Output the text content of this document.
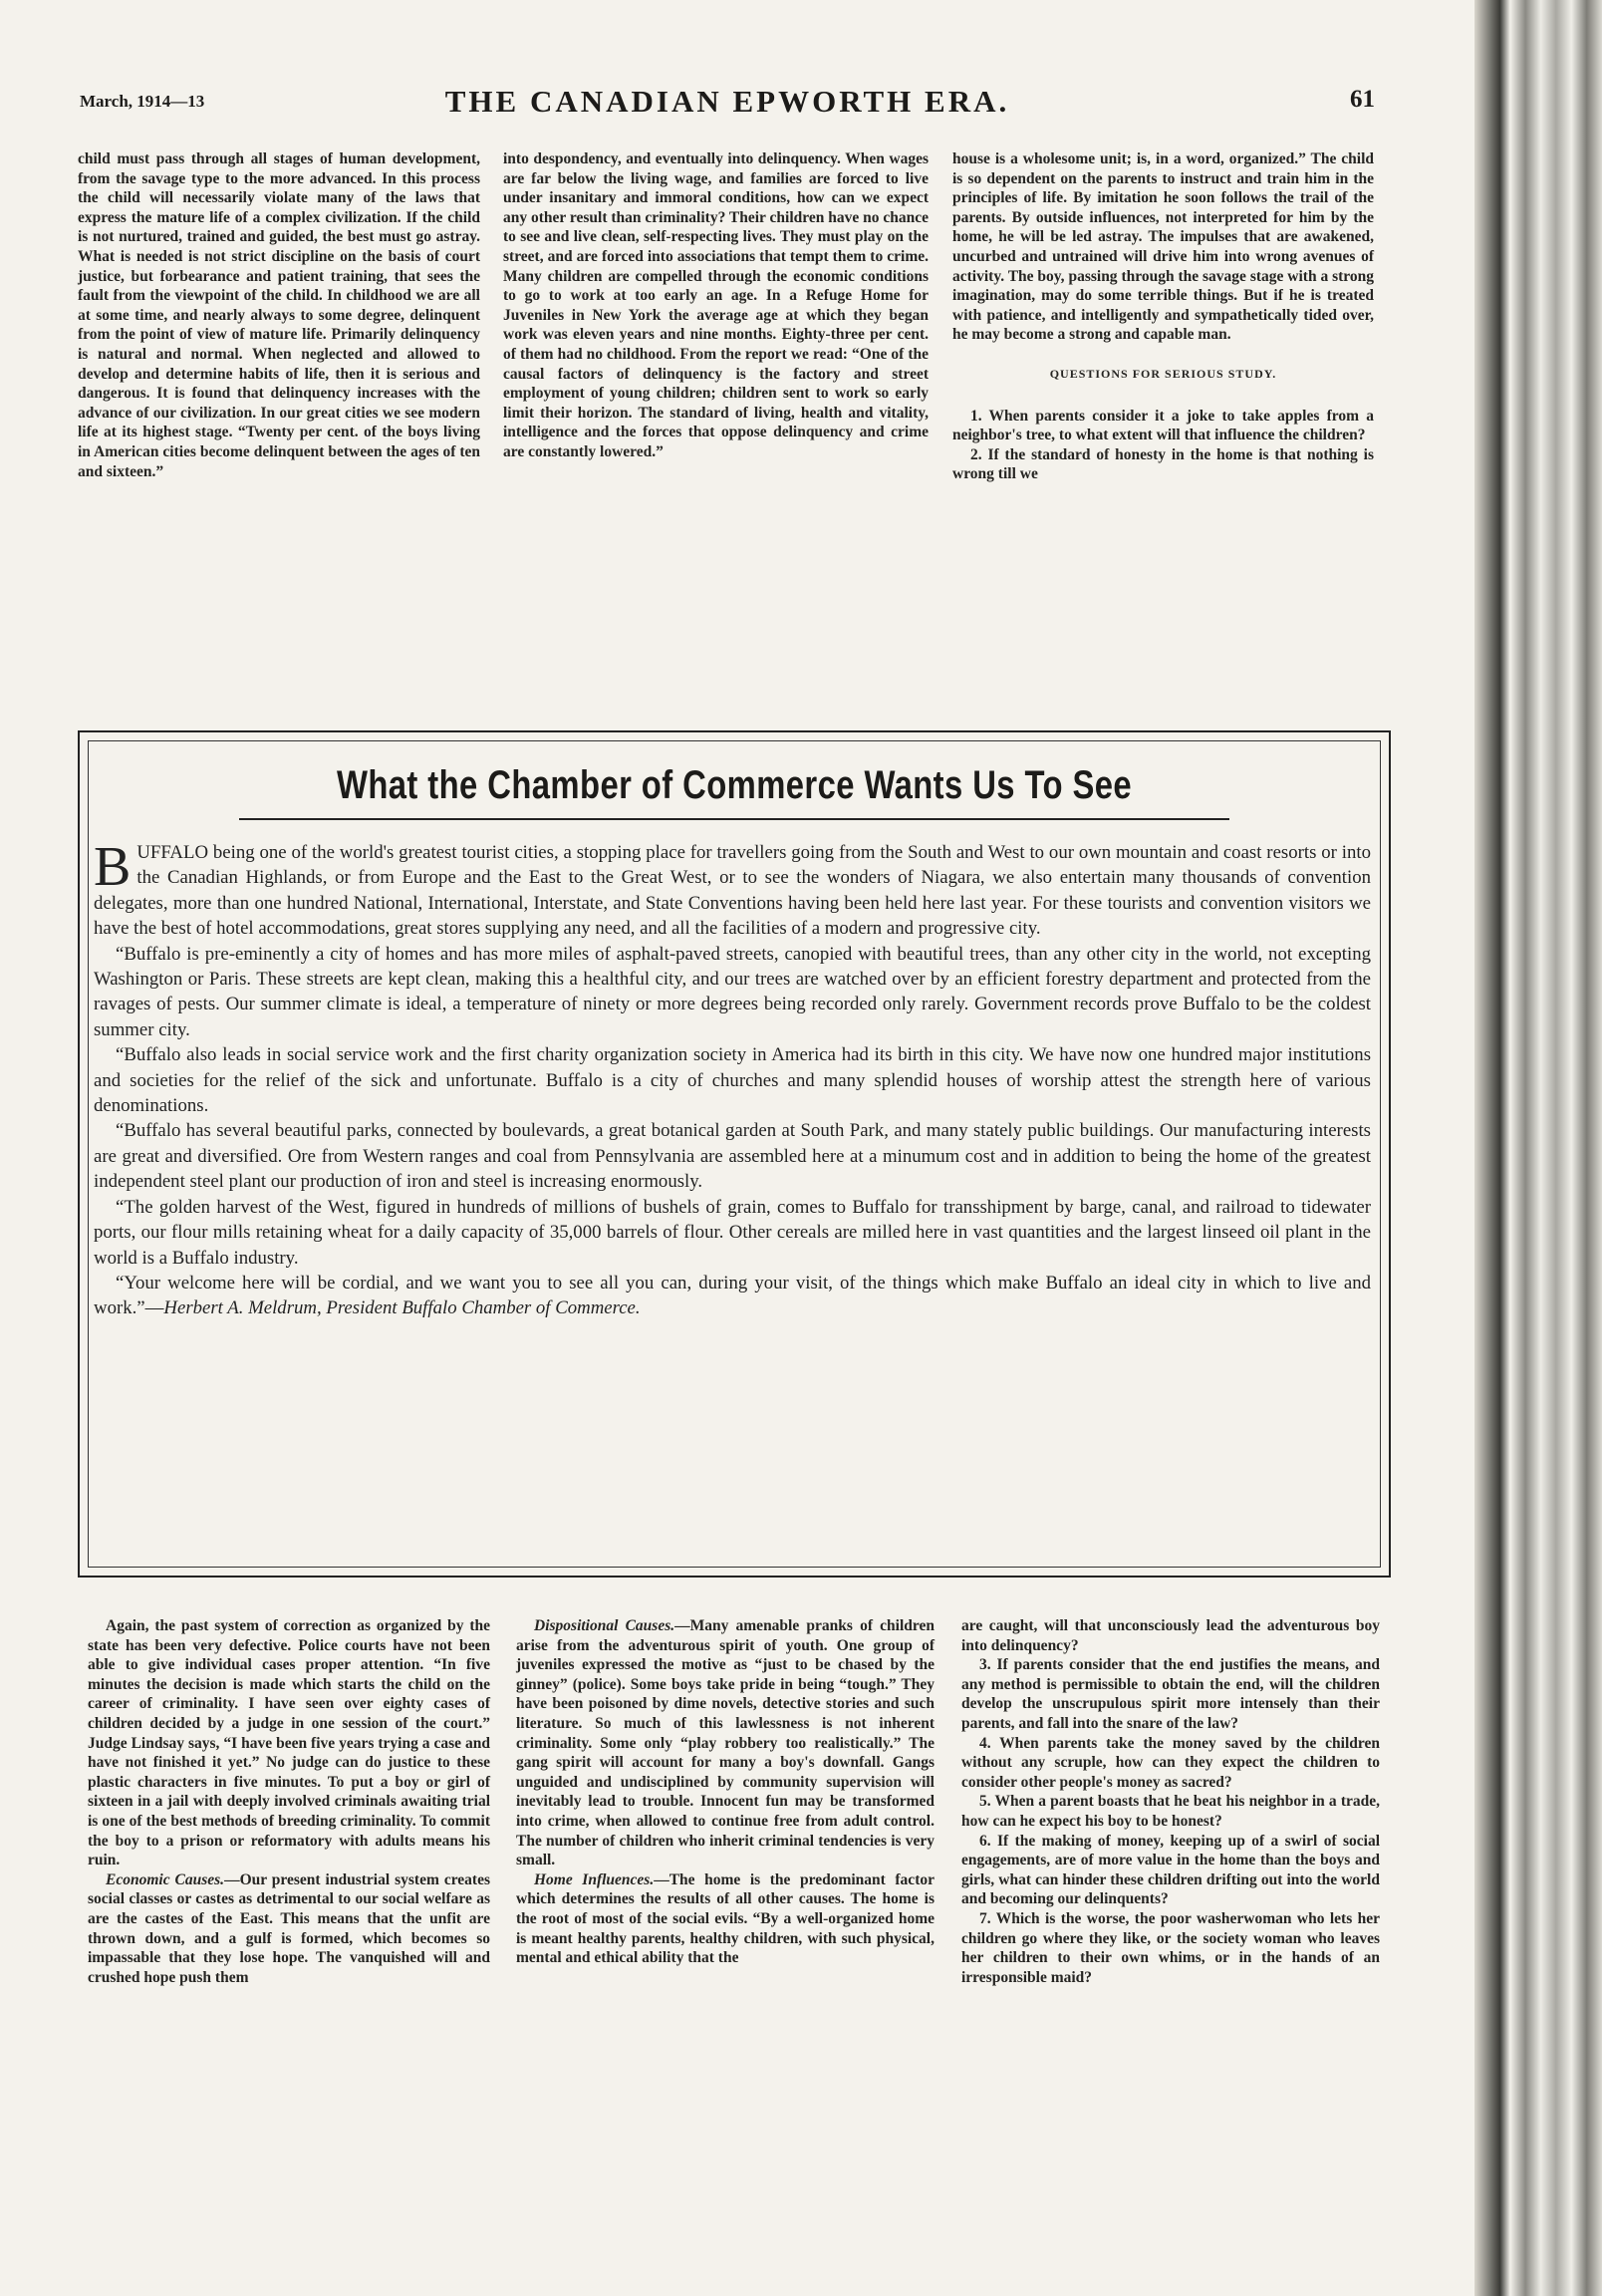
March, 1914—13	THE CANADIAN EPWORTH ERA.	61

child must pass through all stages of human development, from the savage type to the more advanced. In this process the child will necessarily violate many of the laws that express the mature life of a complex civilization. If the child is not nurtured, trained and guided, the best must go astray. What is needed is not strict discipline on the basis of court justice, but forbearance and patient training, that sees the fault from the viewpoint of the child. In childhood we are all at some time, and nearly always to some degree, delinquent from the point of view of mature life. Primarily delinquency is natural and normal. When neglected and allowed to develop and determine habits of life, then it is serious and dangerous. It is found that delinquency increases with the advance of our civilization. In our great cities we see modern life at its highest stage. “Twenty per cent. of the boys living in American cities become delinquent between the ages of ten and sixteen.”

into despondency, and eventually into delinquency. When wages are far below the living wage, and families are forced to live under insanitary and immoral conditions, how can we expect any other result than criminality? Their children have no chance to see and live clean, self-respecting lives. They must play on the street, and are forced into associations that tempt them to crime. Many children are compelled through the economic conditions to go to work at too early an age. In a Refuge Home for Juveniles in New York the average age at which they began work was eleven years and nine months. Eighty-three per cent. of them had no childhood. From the report we read: “One of the causal factors of delinquency is the factory and street employment of young children; children sent to work so early limit their horizon. The standard of living, health and vitality, intelligence and the forces that oppose delinquency and crime are constantly lowered.”

house is a wholesome unit; is, in a word, organized.” The child is so dependent on the parents to instruct and train him in the principles of life. By imitation he soon follows the trail of the parents. By outside influences, not interpreted for him by the home, he will be led astray. The impulses that are awakened, uncurbed and untrained will drive him into wrong avenues of activity. The boy, passing through the savage stage with a strong imagination, may do some terrible things. But if he is treated with patience, and intelligently and sympathetically tided over, he may become a strong and capable man.

QUESTIONS FOR SERIOUS STUDY.

1. When parents consider it a joke to take apples from a neighbor's tree, to what extent will that influence the children?

2. If the standard of honesty in the home is that nothing is wrong till we

What the Chamber of Commerce Wants Us To See

BUFFALO being one of the world's greatest tourist cities, a stopping place for travellers going from the South and West to our own mountain and coast resorts or into the Canadian Highlands, or from Europe and the East to the Great West, or to see the wonders of Niagara, we also entertain many thousands of convention delegates, more than one hundred National, International, Interstate, and State Conventions having been held here last year. For these tourists and convention visitors we have the best of hotel accommodations, great stores supplying any need, and all the facilities of a modern and progressive city.

“Buffalo is pre-eminently a city of homes and has more miles of asphalt-paved streets, canopied with beautiful trees, than any other city in the world, not excepting Washington or Paris. These streets are kept clean, making this a healthful city, and our trees are watched over by an efficient forestry department and protected from the ravages of pests. Our summer climate is ideal, a temperature of ninety or more degrees being recorded only rarely. Government records prove Buffalo to be the coldest summer city.

“Buffalo also leads in social service work and the first charity organization society in America had its birth in this city. We have now one hundred major institutions and societies for the relief of the sick and unfortunate. Buffalo is a city of churches and many splendid houses of worship attest the strength here of various denominations.

“Buffalo has several beautiful parks, connected by boulevards, a great botanical garden at South Park, and many stately public buildings. Our manufacturing interests are great and diversified. Ore from Western ranges and coal from Pennsylvania are assembled here at a minumum cost and in addition to being the home of the greatest independent steel plant our production of iron and steel is increasing enormously.

“The golden harvest of the West, figured in hundreds of millions of bushels of grain, comes to Buffalo for transshipment by barge, canal, and railroad to tidewater ports, our flour mills retaining wheat for a daily capacity of 35,000 barrels of flour. Other cereals are milled here in vast quantities and the largest linseed oil plant in the world is a Buffalo industry.

“Your welcome here will be cordial, and we want you to see all you can, during your visit, of the things which make Buffalo an ideal city in which to live and work.”—Herbert A. Meldrum, President Buffalo Chamber of Commerce.

Again, the past system of correction as organized by the state has been very defective. Police courts have not been able to give individual cases proper attention. “In five minutes the decision is made which starts the child on the career of criminality. I have seen over eighty cases of children decided by a judge in one session of the court.” Judge Lindsay says, “I have been five years trying a case and have not finished it yet.” No judge can do justice to these plastic characters in five minutes. To put a boy or girl of sixteen in a jail with deeply involved criminals awaiting trial is one of the best methods of breeding criminality. To commit the boy to a prison or reformatory with adults means his ruin.

Economic Causes.—Our present industrial system creates social classes or castes as detrimental to our social welfare as are the castes of the East. This means that the unfit are thrown down, and a gulf is formed, which becomes so impassable that they lose hope. The vanquished will and crushed hope push them

Dispositional Causes.—Many amenable pranks of children arise from the adventurous spirit of youth. One group of juveniles expressed the motive as “just to be chased by the ginney” (police). Some boys take pride in being “tough.” They have been poisoned by dime novels, detective stories and such literature. So much of this lawlessness is not inherent criminality. Some only “play robbery too realistically.” The gang spirit will account for many a boy's downfall. Gangs unguided and undisciplined by community supervision will inevitably lead to trouble. Innocent fun may be transformed into crime, when allowed to continue free from adult control. The number of children who inherit criminal tendencies is very small.

Home Influences.—The home is the predominant factor which determines the results of all other causes. The home is the root of most of the social evils. “By a well-organized home is meant healthy parents, healthy children, with such physical, mental and ethical ability that the

are caught, will that unconsciously lead the adventurous boy into delinquency?

3. If parents consider that the end justifies the means, and any method is permissible to obtain the end, will the children develop the unscrupulous spirit more intensely than their parents, and fall into the snare of the law?

4. When parents take the money saved by the children without any scruple, how can they expect the children to consider other people's money as sacred?

5. When a parent boasts that he beat his neighbor in a trade, how can he expect his boy to be honest?

6. If the making of money, keeping up of a swirl of social engagements, are of more value in the home than the boys and girls, what can hinder these children drifting out into the world and becoming our delinquents?

7. Which is the worse, the poor washerwoman who lets her children go where they like, or the society woman who leaves her children to their own whims, or in the hands of an irresponsible maid?
